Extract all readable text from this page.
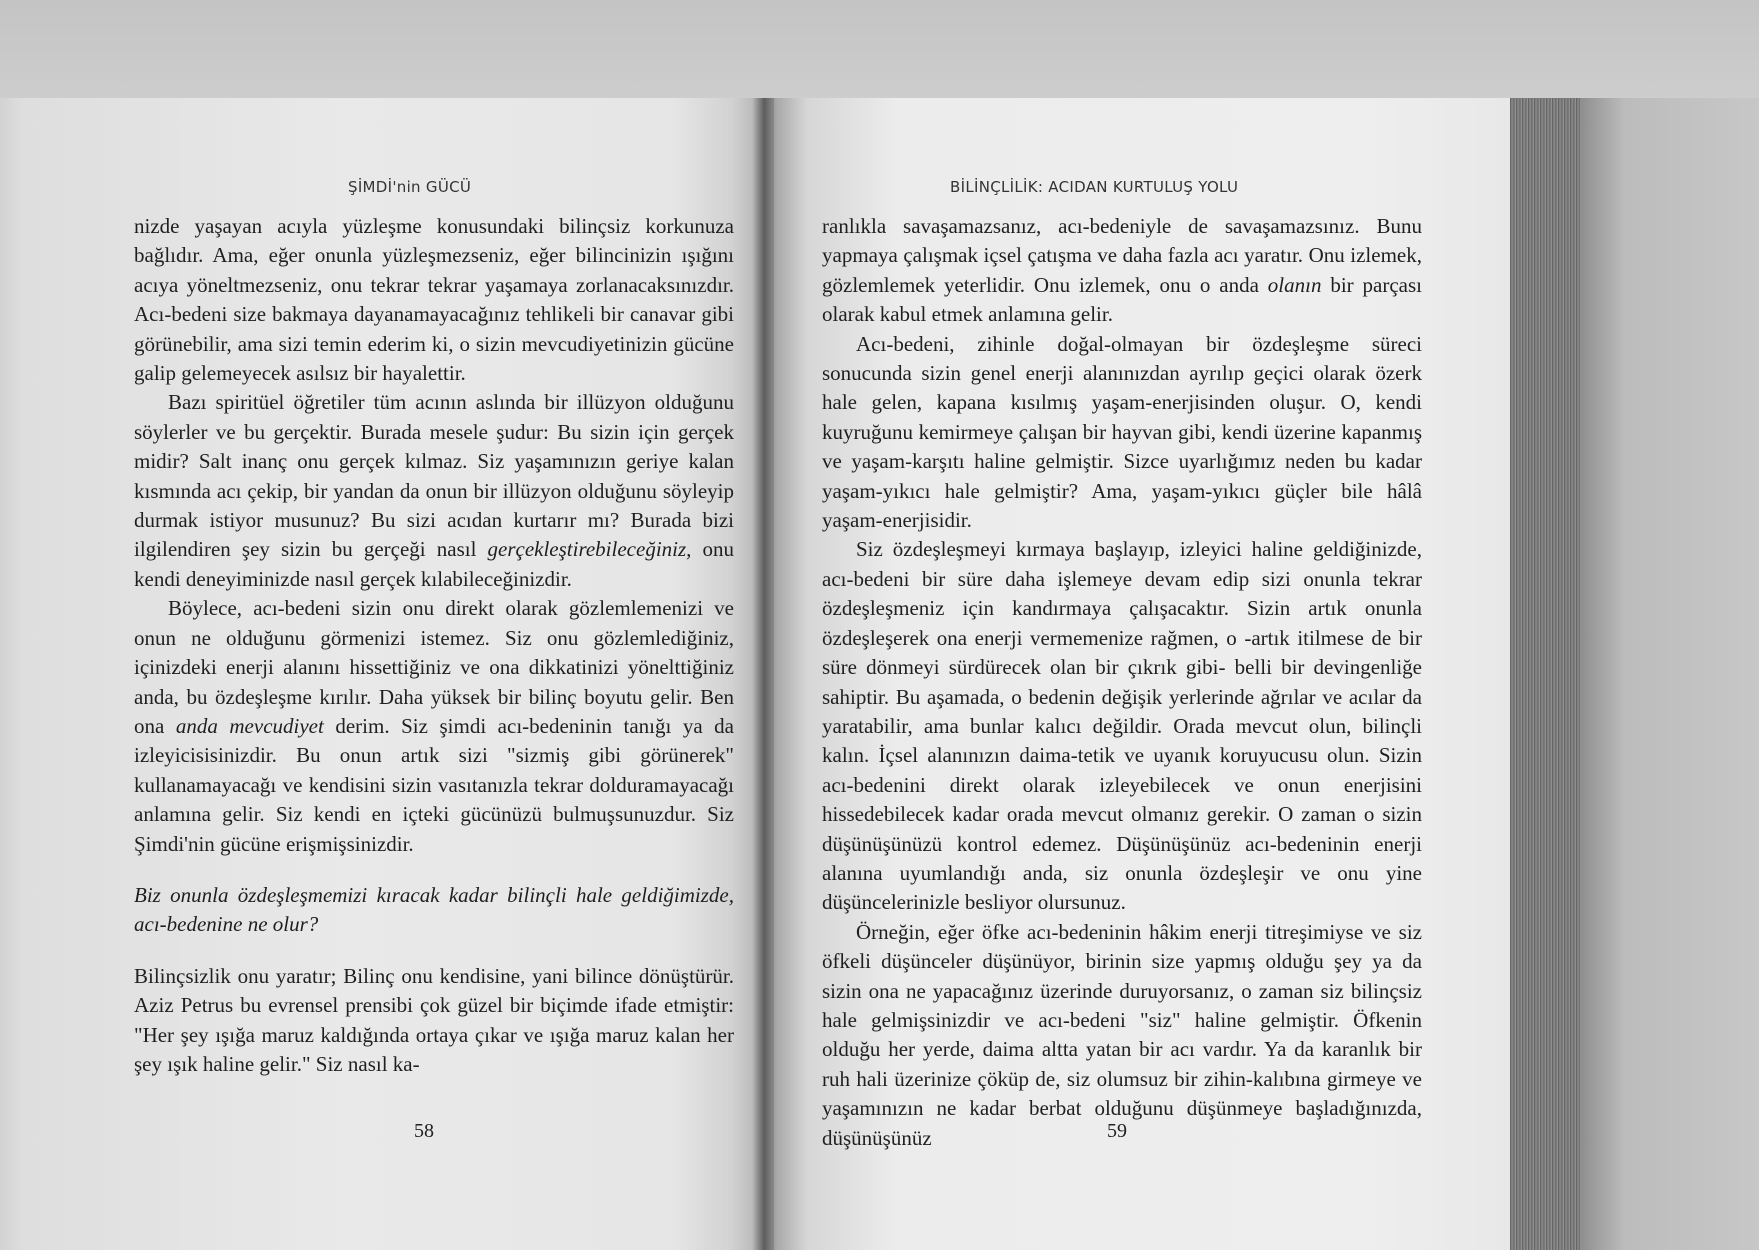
ŞİMDİ'nin GÜCÜ

nizde yaşayan acıyla yüzleşme konusundaki bilinçsiz korkunuza bağlıdır. Ama, eğer onunla yüzleşmezseniz, eğer bilincinizin ışığını acıya yöneltmezseniz, onu tekrar tekrar yaşamaya zorlanacaksınızdır. Acı-bedeni size bakmaya dayanamayacağınız tehlikeli bir canavar gibi görünebilir, ama sizi temin ederim ki, o sizin mevcudiyetinizin gücüne galip gelemeyecek asılsız bir hayalettir.

Bazı spiritüel öğretiler tüm acının aslında bir illüzyon olduğunu söylerler ve bu gerçektir. Burada mesele şudur: Bu sizin için gerçek midir? Salt inanç onu gerçek kılmaz. Siz yaşamınızın geriye kalan kısmında acı çekip, bir yandan da onun bir illüzyon olduğunu söyleyip durmak istiyor musunuz? Bu sizi acıdan kurtarır mı? Burada bizi ilgilendiren şey sizin bu gerçeği nasıl gerçekleştirebileceğiniz, onu kendi deneyiminizde nasıl gerçek kılabileceğinizdir.

Böylece, acı-bedeni sizin onu direkt olarak gözlemlemenizi ve onun ne olduğunu görmenizi istemez. Siz onu gözlemlediğiniz, içinizdeki enerji alanını hissettiğiniz ve ona dikkatinizi yönelttiğiniz anda, bu özdeşleşme kırılır. Daha yüksek bir bilinç boyutu gelir. Ben ona anda mevcudiyet derim. Siz şimdi acı-bedeninin tanığı ya da izleyicisisinizdir. Bu onun artık sizi "sizmiş gibi görünerek" kullanamayacağı ve kendisini sizin vasıtanızla tekrar dolduramayacağı anlamına gelir. Siz kendi en içteki gücünüzü bulmuşsunuzdur. Siz Şimdi'nin gücüne erişmişsinizdir.

Biz onunla özdeşleşmemizi kıracak kadar bilinçli hale geldiğimizde, acı-bedenine ne olur?

Bilinçsizlik onu yaratır; Bilinç onu kendisine, yani bilince dönüştürür. Aziz Petrus bu evrensel prensibi çok güzel bir biçimde ifade etmiştir: "Her şey ışığa maruz kaldığında ortaya çıkar ve ışığa maruz kalan her şey ışık haline gelir." Siz nasıl ka-

58
BİLİNÇLİLİK: ACIDAN KURTULUŞ YOLU

ranlıkla savaşamazsanız, acı-bedeniyle de savaşamazsınız. Bunu yapmaya çalışmak içsel çatışma ve daha fazla acı yaratır. Onu izlemek, gözlemlemek yeterlidir. Onu izlemek, onu o anda olanın bir parçası olarak kabul etmek anlamına gelir.

Acı-bedeni, zihinle doğal-olmayan bir özdeşleşme süreci sonucunda sizin genel enerji alanınızdan ayrılıp geçici olarak özerk hale gelen, kapana kısılmış yaşam-enerjisinden oluşur. O, kendi kuyruğunu kemirmeye çalışan bir hayvan gibi, kendi üzerine kapanmış ve yaşam-karşıtı haline gelmiştir. Sizce uyarlığımız neden bu kadar yaşam-yıkıcı hale gelmiştir? Ama, yaşam-yıkıcı güçler bile hâlâ yaşam-enerjisidir.

Siz özdeşleşmeyi kırmaya başlayıp, izleyici haline geldiğinizde, acı-bedeni bir süre daha işlemeye devam edip sizi onunla tekrar özdeşleşmeniz için kandırmaya çalışacaktır. Sizin artık onunla özdeşleşerek ona enerji vermemenize rağmen, o -artık itilmese de bir süre dönmeyi sürdürecek olan bir çıkrık gibi- belli bir devingenliğe sahiptir. Bu aşamada, o bedenin değişik yerlerinde ağrılar ve acılar da yaratabilir, ama bunlar kalıcı değildir. Orada mevcut olun, bilinçli kalın. İçsel alanınızın daima-tetik ve uyanık koruyucusu olun. Sizin acı-bedenini direkt olarak izleyebilecek ve onun enerjisini hissedebilecek kadar orada mevcut olmanız gerekir. O zaman o sizin düşünüşünüzü kontrol edemez. Düşünüşünüz acı-bedeninin enerji alanına uyumlandığı anda, siz onunla özdeşleşir ve onu yine düşüncelerinizle besliyor olursunuz.

Örneğin, eğer öfke acı-bedeninin hâkim enerji titreşimiyse ve siz öfkeli düşünceler düşünüyor, birinin size yapmış olduğu şey ya da sizin ona ne yapacağınız üzerinde duruyorsanız, o zaman siz bilinçsiz hale gelmişsinizdir ve acı-bedeni "siz" haline gelmiştir. Öfkenin olduğu her yerde, daima altta yatan bir acı vardır. Ya da karanlık bir ruh hali üzerinize çöküp de, siz olumsuz bir zihin-kalıbına girmeye ve yaşamınızın ne kadar berbat olduğunu düşünmeye başladığınızda, düşünüşünüz	59
